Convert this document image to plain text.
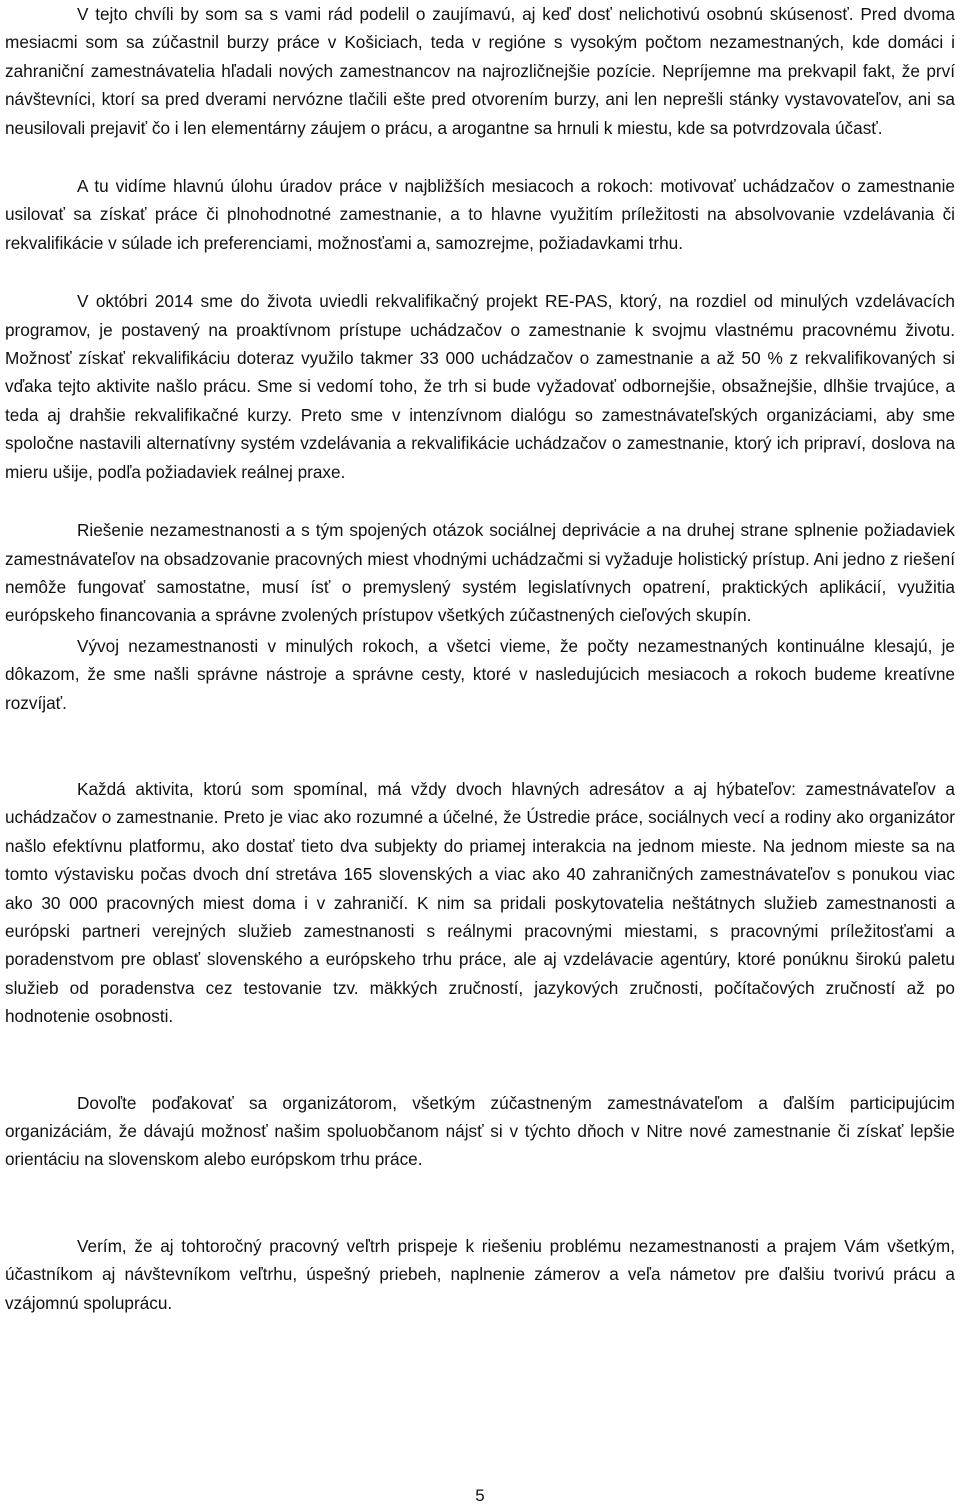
V tejto chvíli by som sa s vami rád podelil o zaujímavú, aj keď dosť nelichotivú osobnú skúsenosť. Pred dvoma mesiacmi som sa zúčastnil burzy práce v Košiciach, teda v regióne s vysokým počtom nezamestnaných, kde domáci i zahraniční zamestnávatelia hľadali nových zamestnancov na najrozličnejšie pozície. Nepríjemne ma prekvapil fakt, že prví návštevníci, ktorí sa pred dverami nervózne tlačili ešte pred otvorením burzy, ani len neprešli stánky vystavovateľov, ani sa neusilovali prejaviť čo i len elementárny záujem o prácu, a arogantne sa hrnuli k miestu, kde sa potvrdzovala účasť.

A tu vidíme hlavnú úlohu úradov práce v najbližších mesiacoch a rokoch: motivovať uchádzačov o zamestnanie usilovať sa získať práce či plnohodnotné zamestnanie, a to hlavne využitím príležitosti na absolvovanie vzdelávania či rekvalifikácie v súlade ich preferenciami, možnosťami a, samozrejme, požiadavkami trhu.

V októbri 2014 sme do života uviedli rekvalifikačný projekt RE-PAS, ktorý, na rozdiel od minulých vzdelávacích programov, je postavený na proaktívnom prístupe uchádzačov o zamestnanie k svojmu vlastnému pracovnému životu. Možnosť získať rekvalifikáciu doteraz využilo takmer 33 000 uchádzačov o zamestnanie a až 50 % z rekvalifikovaných si vďaka tejto aktivite našlo prácu. Sme si vedomí toho, že trh si bude vyžadovať odbornejšie, obsažnejšie, dlhšie trvajúce, a teda aj drahšie rekvalifikačné kurzy. Preto sme v intenzívnom dialógu so zamestnávateľských organizáciami, aby sme spoločne nastavili alternatívny systém vzdelávania a rekvalifikácie uchádzačov o zamestnanie, ktorý ich pripraví, doslova na mieru ušije, podľa požiadaviek reálnej praxe.

Riešenie nezamestnanosti a s tým spojených otázok sociálnej deprivácie a na druhej strane splnenie požiadaviek zamestnávateľov na obsadzovanie pracovných miest vhodnými uchádzačmi si vyžaduje holistický prístup. Ani jedno z riešení nemôže fungovať samostatne, musí ísť o premyslený systém legislatívnych opatrení, praktických aplikácií, využitia európskeho financovania a správne zvolených prístupov všetkých zúčastnených cieľových skupín.

Vývoj nezamestnanosti v minulých rokoch, a všetci vieme, že počty nezamestnaných kontinuálne klesajú, je dôkazom, že sme našli správne nástroje a správne cesty, ktoré v nasledujúcich mesiacoch a rokoch budeme kreatívne rozvíjať.

Každá aktivita, ktorú som spomínal, má vždy dvoch hlavných adresátov a aj hýbateľov: zamestnávateľov a uchádzačov o zamestnanie. Preto je viac ako rozumné a účelné, že Ústredie práce, sociálnych vecí a rodiny ako organizátor našlo efektívnu platformu, ako dostať tieto dva subjekty do priamej interakcia na jednom mieste. Na jednom mieste sa na tomto výstavisku počas dvoch dní stretáva 165 slovenských a viac ako 40 zahraničných zamestnávateľov s ponukou viac ako 30 000 pracovných miest doma i v zahraničí. K nim sa pridali poskytovatelia neštátnych služieb zamestnanosti a európski partneri verejných služieb zamestnanosti s reálnymi pracovnými miestami, s pracovnými príležitosťami a poradenstvom pre oblasť slovenského a európskeho trhu práce, ale aj vzdelávacie agentúry, ktoré ponúknu širokú paletu služieb od poradenstva cez testovanie tzv. mäkkých zručností, jazykových zručnosti, počítačových zručností až po hodnotenie osobnosti.

Dovoľte poďakovať sa organizátorom, všetkým zúčastneným zamestnávateľom a ďalším participujúcim organizáciám, že dávajú možnosť našim spoluobčanom nájsť si v týchto dňoch v Nitre nové zamestnanie či získať lepšie orientáciu na slovenskom alebo európskom trhu práce.

Verím, že aj tohtoročný pracovný veľtrh prispeje k riešeniu problému nezamestnanosti a prajem Vám všetkým, účastníkom aj návštevníkom veľtrhu, úspešný priebeh, naplnenie zámerov a veľa námetov pre ďalšiu tvorivú prácu a vzájomnú spoluprácu.

5
